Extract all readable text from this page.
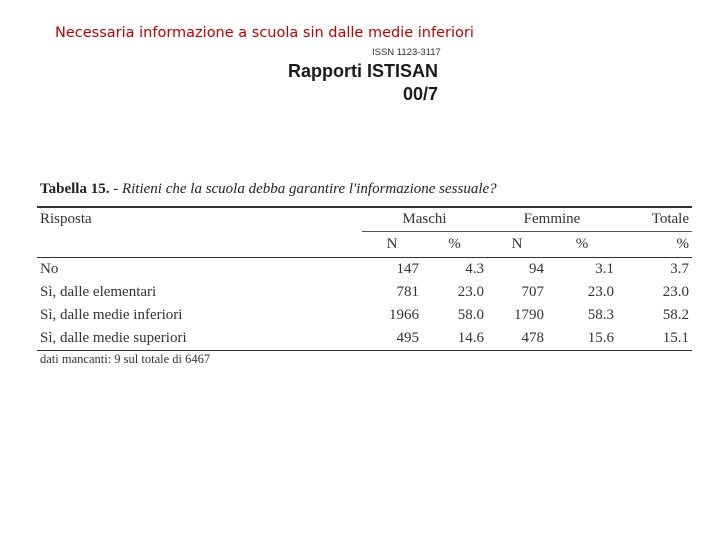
Necessaria informazione a scuola sin dalle medie inferiori
ISSN 1123-3117
Rapporti ISTISAN
00/7
Tabella 15. - Ritieni che la scuola debba garantire l'informazione sessuale?
Risposta	Maschi		Femmine		Totale
	N	%	N	%	%
No	147	4.3	94	3.1	3.7
Sì, dalle elementari	781	23.0	707	23.0	23.0
Sì, dalle medie inferiori	1966	58.0	1790	58.3	58.2
Sì, dalle medie superiori	495	14.6	478	15.6	15.1
dati mancanti: 9 sul totale di 6467
